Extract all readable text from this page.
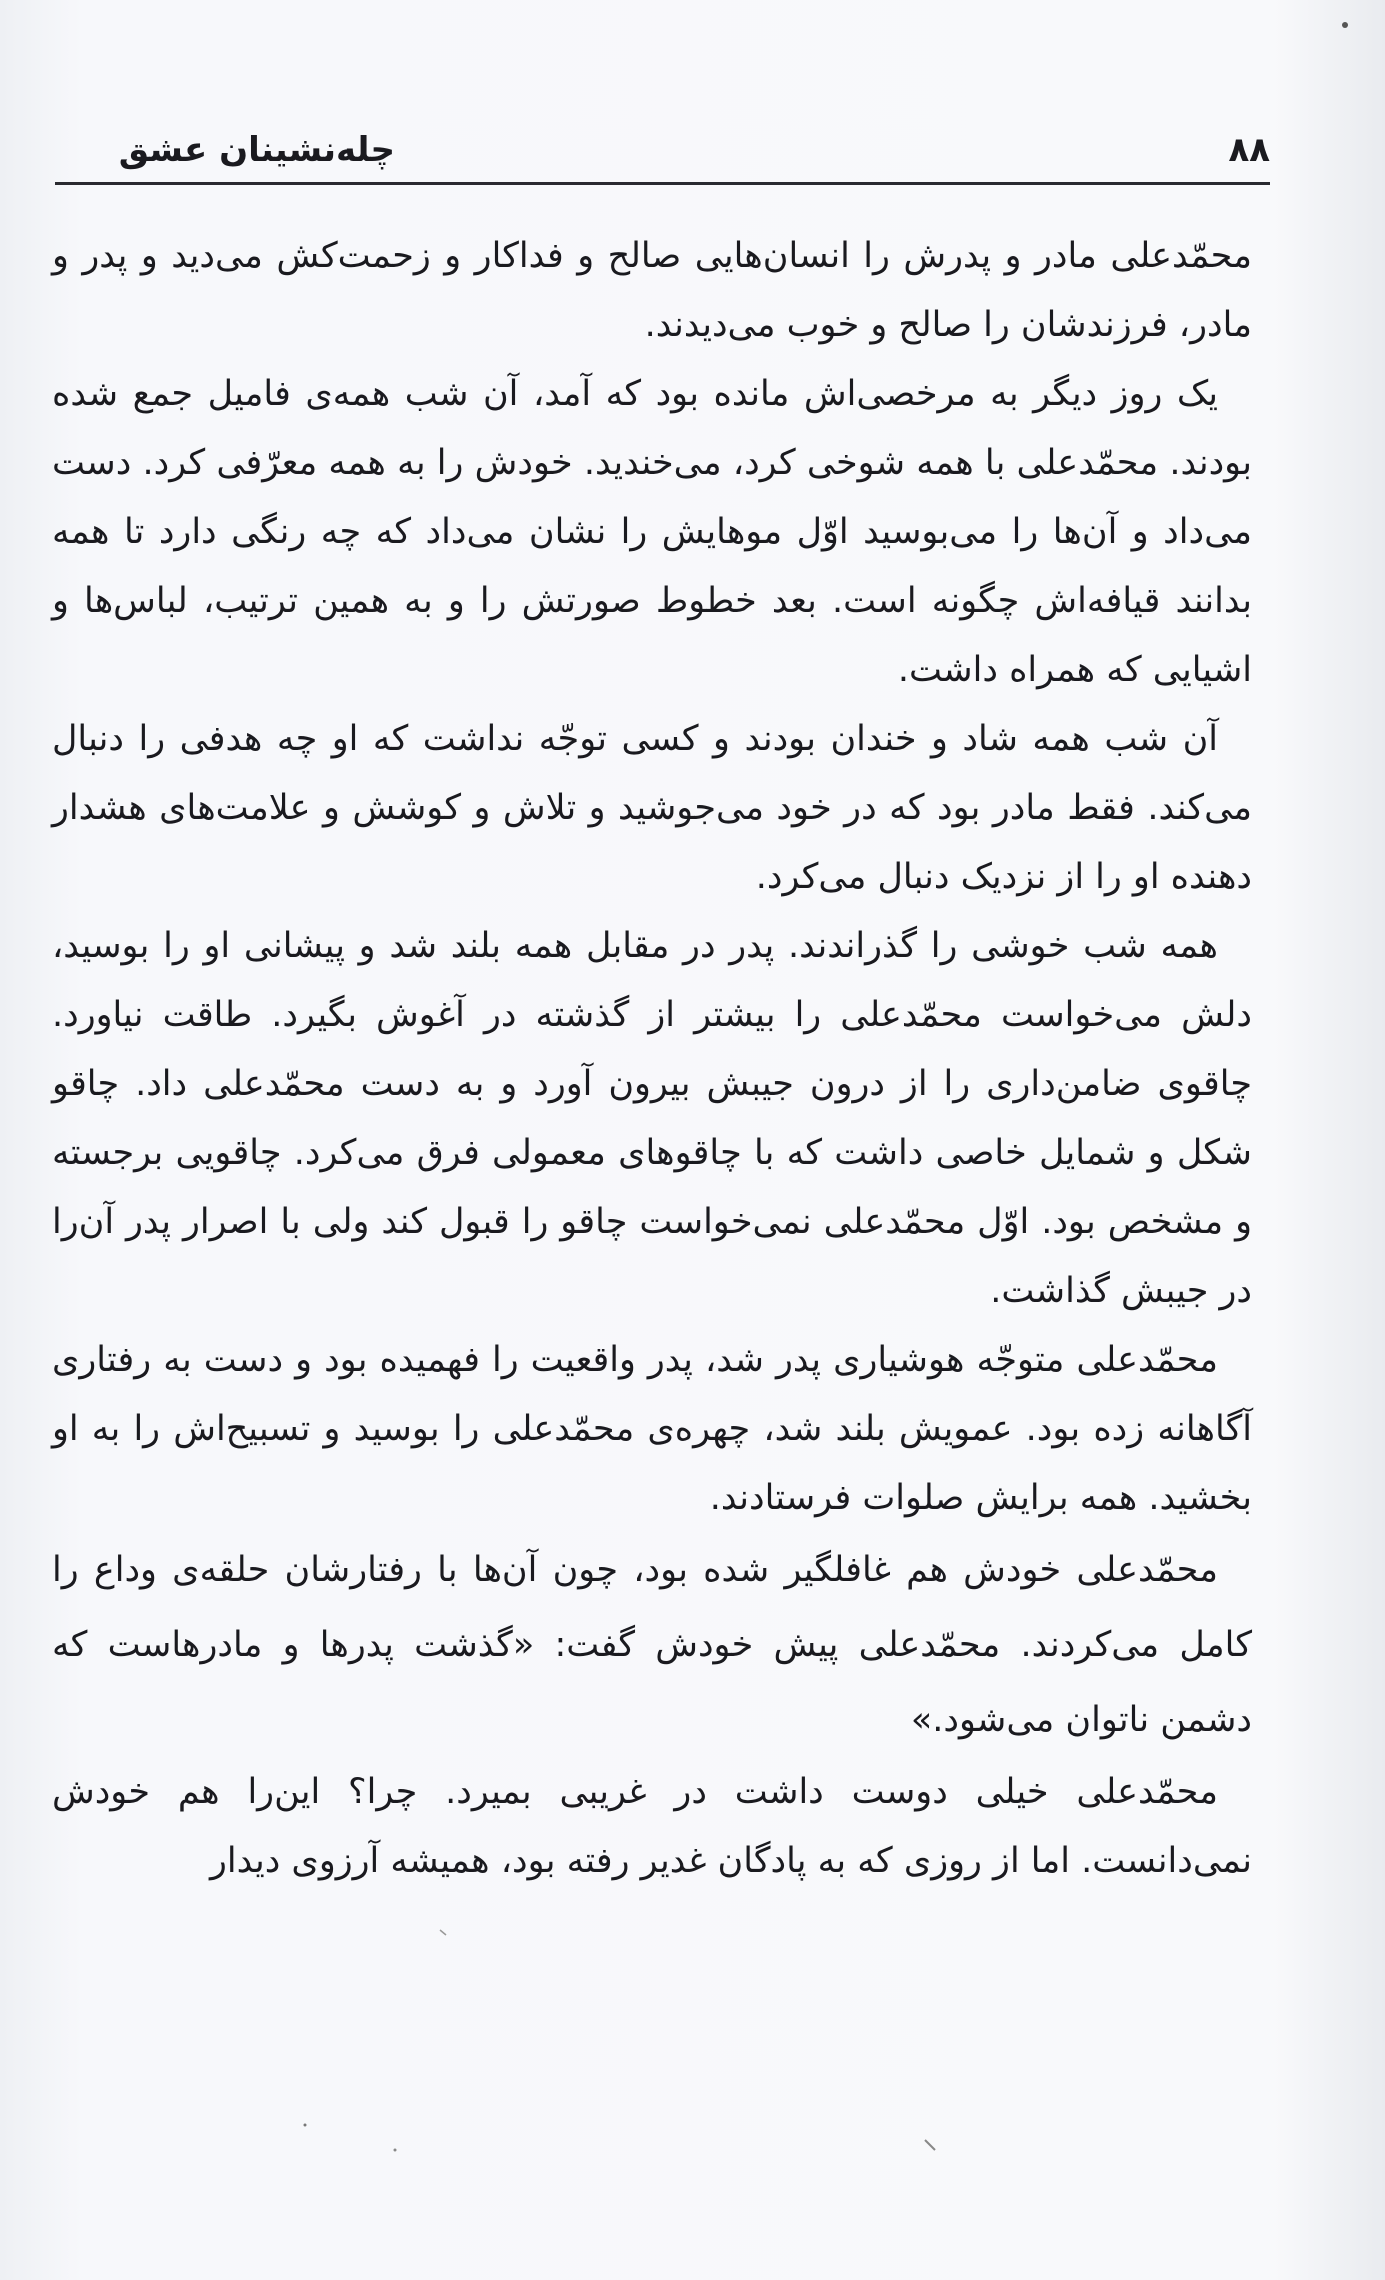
۸۸
چله‌نشینان عشق

محمّدعلی مادر و پدرش را انسان‌هایی صالح و فداکار و زحمت‌کش می‌دید و پدر و مادر، فرزندشان را صالح و خوب می‌دیدند.

یک روز دیگر به مرخصی‌اش مانده بود که آمد، آن شب همه‌ی فامیل جمع شده بودند. محمّدعلی با همه شوخی کرد، می‌خندید. خودش را به همه معرّفی کرد. دست می‌داد و آن‌ها را می‌بوسید اوّل موهایش را نشان می‌داد که چه رنگی دارد تا همه بدانند قیافه‌اش چگونه است. بعد خطوط صورتش را و به همین ترتیب، لباس‌ها و اشیایی که همراه داشت.

آن شب همه شاد و خندان بودند و کسی توجّه نداشت که او چه هدفی را دنبال می‌کند. فقط مادر بود که در خود می‌جوشید و تلاش و کوشش و علامت‌های هشدار دهنده او را از نزدیک دنبال می‌کرد.

همه شب خوشی را گذراندند. پدر در مقابل همه بلند شد و پیشانی او را بوسید، دلش می‌خواست محمّدعلی را بیشتر از گذشته در آغوش بگیرد. طاقت نیاورد. چاقوی ضامن‌داری را از درون جیبش بیرون آورد و به دست محمّدعلی داد. چاقو شکل و شمایل خاصی داشت که با چاقوهای معمولی فرق می‌کرد. چاقویی برجسته و مشخص بود. اوّل محمّدعلی نمی‌خواست چاقو را قبول کند ولی با اصرار پدر آن‌را در جیبش گذاشت.

محمّدعلی متوجّه هوشیاری پدر شد، پدر واقعیت را فهمیده بود و دست به رفتاری آگاهانه زده بود. عمویش بلند شد، چهره‌ی محمّدعلی را بوسید و تسبیح‌اش را به او بخشید. همه برایش صلوات فرستادند.

محمّدعلی خودش هم غافلگیر شده بود، چون آن‌ها با رفتارشان حلقه‌ی وداع را کامل می‌کردند. محمّدعلی پیش خودش گفت: «گذشت پدرها و مادرهاست که دشمن ناتوان می‌شود.»

محمّدعلی خیلی دوست داشت در غریبی بمیرد. چرا؟ این‌را هم خودش نمی‌دانست. اما از روزی که به پادگان غدیر رفته بود، همیشه آرزوی دیدار
